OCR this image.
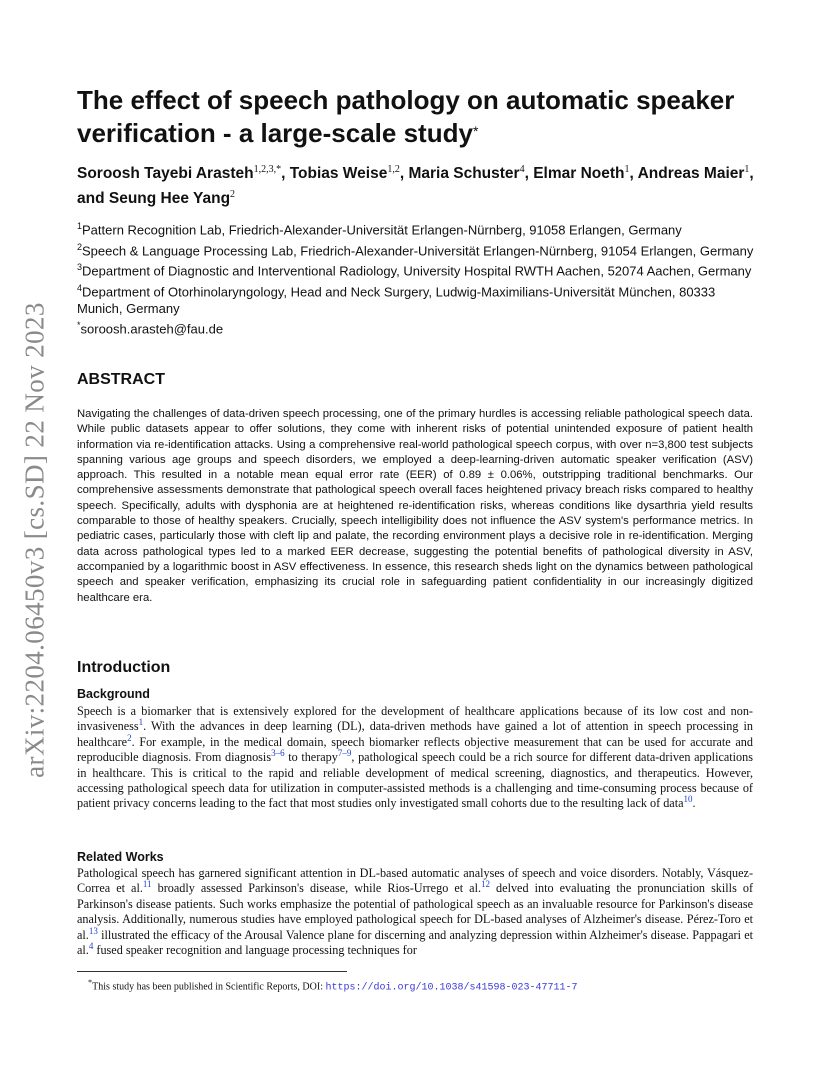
arXiv:2204.06450v3 [cs.SD] 22 Nov 2023
The effect of speech pathology on automatic speaker verification - a large-scale study*
Soroosh Tayebi Arasteh$^{1,2,3,*}$, Tobias Weise$^{1,2}$, Maria Schuster$^4$, Elmar Noeth$^1$, Andreas Maier$^1$, and Seung Hee Yang$^2$
$^1$Pattern Recognition Lab, Friedrich-Alexander-Universität Erlangen-Nürnberg, 91058 Erlangen, Germany
$^2$Speech & Language Processing Lab, Friedrich-Alexander-Universität Erlangen-Nürnberg, 91054 Erlangen, Germany
$^3$Department of Diagnostic and Interventional Radiology, University Hospital RWTH Aachen, 52074 Aachen, Germany
$^4$Department of Otorhinolaryngology, Head and Neck Surgery, Ludwig-Maximilians-Universität München, 80333 Munich, Germany
*soroosh.arasteh@fau.de
ABSTRACT
Navigating the challenges of data-driven speech processing, one of the primary hurdles is accessing reliable pathological speech data. While public datasets appear to offer solutions, they come with inherent risks of potential unintended exposure of patient health information via re-identification attacks. Using a comprehensive real-world pathological speech corpus, with over n=3,800 test subjects spanning various age groups and speech disorders, we employed a deep-learning-driven automatic speaker verification (ASV) approach. This resulted in a notable mean equal error rate (EER) of 0.89 ± 0.06%, outstripping traditional benchmarks. Our comprehensive assessments demonstrate that pathological speech overall faces heightened privacy breach risks compared to healthy speech. Specifically, adults with dysphonia are at heightened re-identification risks, whereas conditions like dysarthria yield results comparable to those of healthy speakers. Crucially, speech intelligibility does not influence the ASV system's performance metrics. In pediatric cases, particularly those with cleft lip and palate, the recording environment plays a decisive role in re-identification. Merging data across pathological types led to a marked EER decrease, suggesting the potential benefits of pathological diversity in ASV, accompanied by a logarithmic boost in ASV effectiveness. In essence, this research sheds light on the dynamics between pathological speech and speaker verification, emphasizing its crucial role in safeguarding patient confidentiality in our increasingly digitized healthcare era.
Introduction
Background
Speech is a biomarker that is extensively explored for the development of healthcare applications because of its low cost and non-invasiveness$^1$. With the advances in deep learning (DL), data-driven methods have gained a lot of attention in speech processing in healthcare$^2$. For example, in the medical domain, speech biomarker reflects objective measurement that can be used for accurate and reproducible diagnosis. From diagnosis$^{3-6}$ to therapy$^{7-9}$, pathological speech could be a rich source for different data-driven applications in healthcare. This is critical to the rapid and reliable development of medical screening, diagnostics, and therapeutics. However, accessing pathological speech data for utilization in computer-assisted methods is a challenging and time-consuming process because of patient privacy concerns leading to the fact that most studies only investigated small cohorts due to the resulting lack of data$^{10}$.
Related Works
Pathological speech has garnered significant attention in DL-based automatic analyses of speech and voice disorders. Notably, Vásquez-Correa et al.$^{11}$ broadly assessed Parkinson's disease, while Rios-Urrego et al.$^{12}$ delved into evaluating the pronunciation skills of Parkinson's disease patients. Such works emphasize the potential of pathological speech as an invaluable resource for Parkinson's disease analysis. Additionally, numerous studies have employed pathological speech for DL-based analyses of Alzheimer's disease. Pérez-Toro et al.$^{13}$ illustrated the efficacy of the Arousal Valence plane for discerning and analyzing depression within Alzheimer's disease. Pappagari et al.$^4$ fused speaker recognition and language processing techniques for
*This study has been published in Scientific Reports, DOI: https://doi.org/10.1038/s41598-023-47711-7
